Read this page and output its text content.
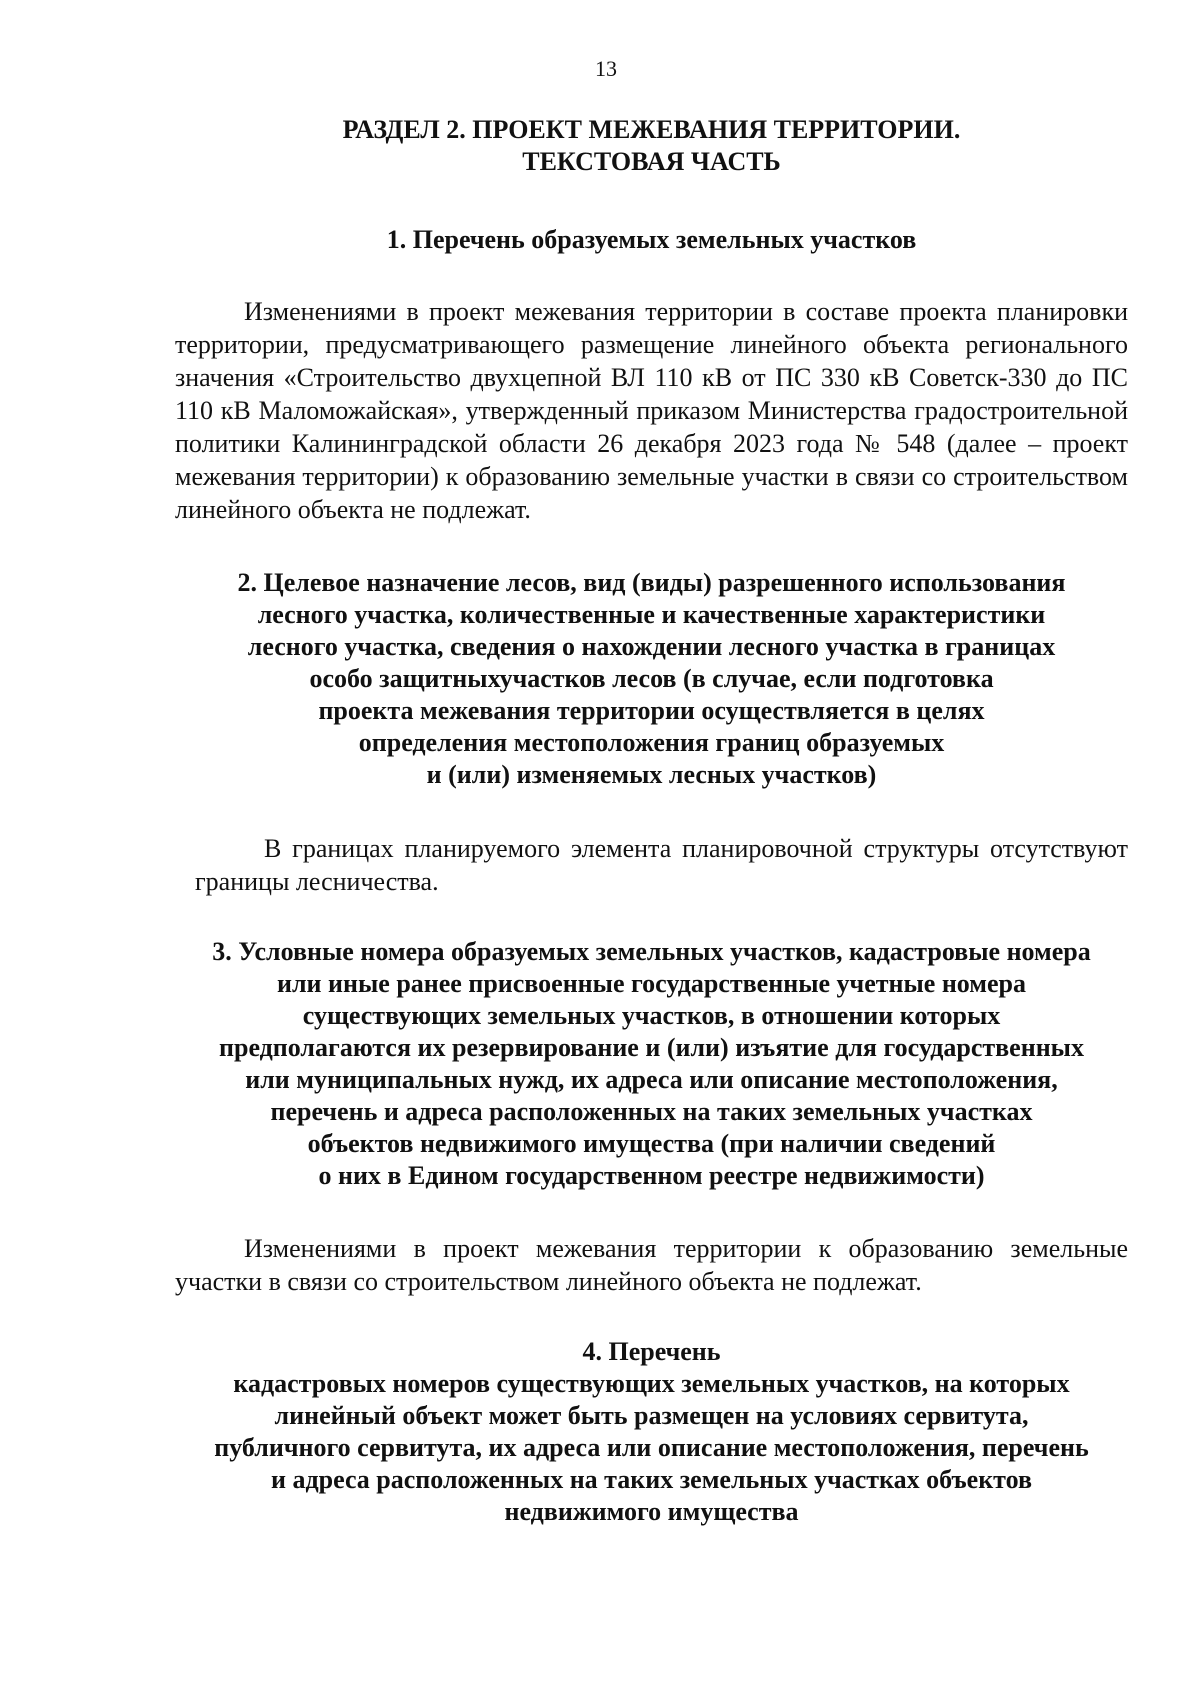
13
РАЗДЕЛ 2. ПРОЕКТ МЕЖЕВАНИЯ ТЕРРИТОРИИ.
ТЕКСТОВАЯ ЧАСТЬ
1. Перечень образуемых земельных участков

Изменениями в проект межевания территории в составе проекта планировки территории, предусматривающего размещение линейного объекта регионального значения «Строительство двухцепной ВЛ 110 кВ от ПС 330 кВ Советск-330 до ПС 110 кВ Маломожайская», утвержденный приказом Министерства градостроительной политики Калининградской области 26 декабря 2023 года № 548 (далее – проект межевания территории) к образованию земельные участки в связи со строительством линейного объекта не подлежат.

2. Целевое назначение лесов, вид (виды) разрешенного использования
лесного участка, количественные и качественные характеристики
лесного участка, сведения о нахождении лесного участка в границах
особо защитныхучастков лесов (в случае, если подготовка
проекта межевания территории осуществляется в целях
определения местоположения границ образуемых
и (или) изменяемых лесных участков)

В границах планируемого элемента планировочной структуры отсутствуют границы лесничества.

3. Условные номера образуемых земельных участков, кадастровые номера
или иные ранее присвоенные государственные учетные номера
существующих земельных участков, в отношении которых
предполагаются их резервирование и (или) изъятие для государственных
или муниципальных нужд, их адреса или описание местоположения,
перечень и адреса расположенных на таких земельных участках
объектов недвижимого имущества (при наличии сведений
о них в Едином государственном реестре недвижимости)

Изменениями в проект межевания территории к образованию земельные участки в связи со строительством линейного объекта не подлежат.

4. Перечень
кадастровых номеров существующих земельных участков, на которых
линейный объект может быть размещен на условиях сервитута,
публичного сервитута, их адреса или описание местоположения, перечень
и адреса расположенных на таких земельных участках объектов
недвижимого имущества
